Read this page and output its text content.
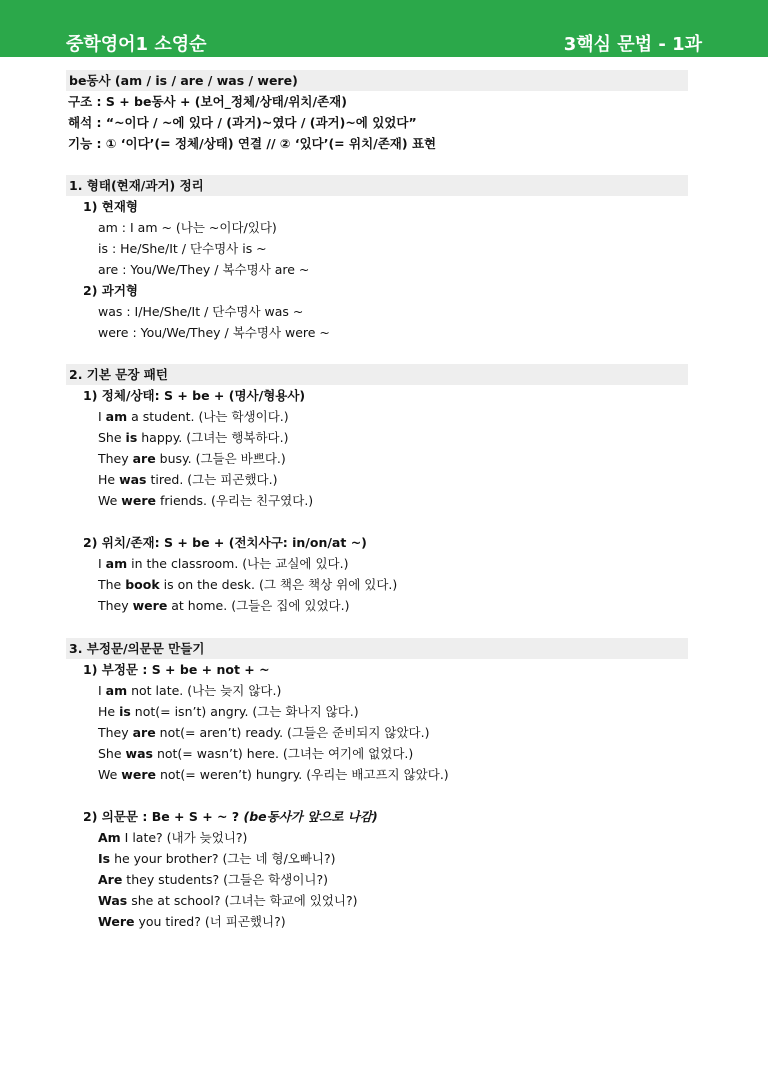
중학영어1 소영순	3핵심 문법 - 1과
be동사 (am / is / are / was / were)
구조 : S + be동사 + (보어_정체/상태/위치/존재)
해석 : “~이다 / ~에 있다 / (과거)~였다 / (과거)~에 있었다”
기능 : ① ‘이다’(= 정체/상태) 연결 // ② ‘있다’(= 위치/존재) 표현
1. 형태(현재/과거) 정리
1) 현재형
am : I am ~ (나는 ~이다/있다)
is : He/She/It / 단수명사 is ~
are : You/We/They / 복수명사 are ~
2) 과거형
was : I/He/She/It / 단수명사 was ~
were : You/We/They / 복수명사 were ~
2. 기본 문장 패턴
1) 정체/상태: S + be + (명사/형용사)
I am a student. (나는 학생이다.)
She is happy. (그녀는 행복하다.)
They are busy. (그들은 바쁘다.)
He was tired. (그는 피곤했다.)
We were friends. (우리는 친구였다.)
2) 위치/존재: S + be + (전치사구: in/on/at ~)
I am in the classroom. (나는 교실에 있다.)
The book is on the desk. (그 책은 책상 위에 있다.)
They were at home. (그들은 집에 있었다.)
3. 부정문/의문문 만들기
1) 부정문 : S + be + not + ~
I am not late. (나는 늦지 않다.)
He is not(= isn’t) angry. (그는 화나지 않다.)
They are not(= aren’t) ready. (그들은 준비되지 않았다.)
She was not(= wasn’t) here. (그녀는 여기에 없었다.)
We were not(= weren’t) hungry. (우리는 배고프지 않았다.)
2) 의문문 : Be + S + ~ ? (be동사가 앞으로 나감)
Am I late? (내가 늦었니?)
Is he your brother? (그는 네 형/오빠니?)
Are they students? (그들은 학생이니?)
Was she at school? (그녀는 학교에 있었니?)
Were you tired? (너 피곤했니?)
